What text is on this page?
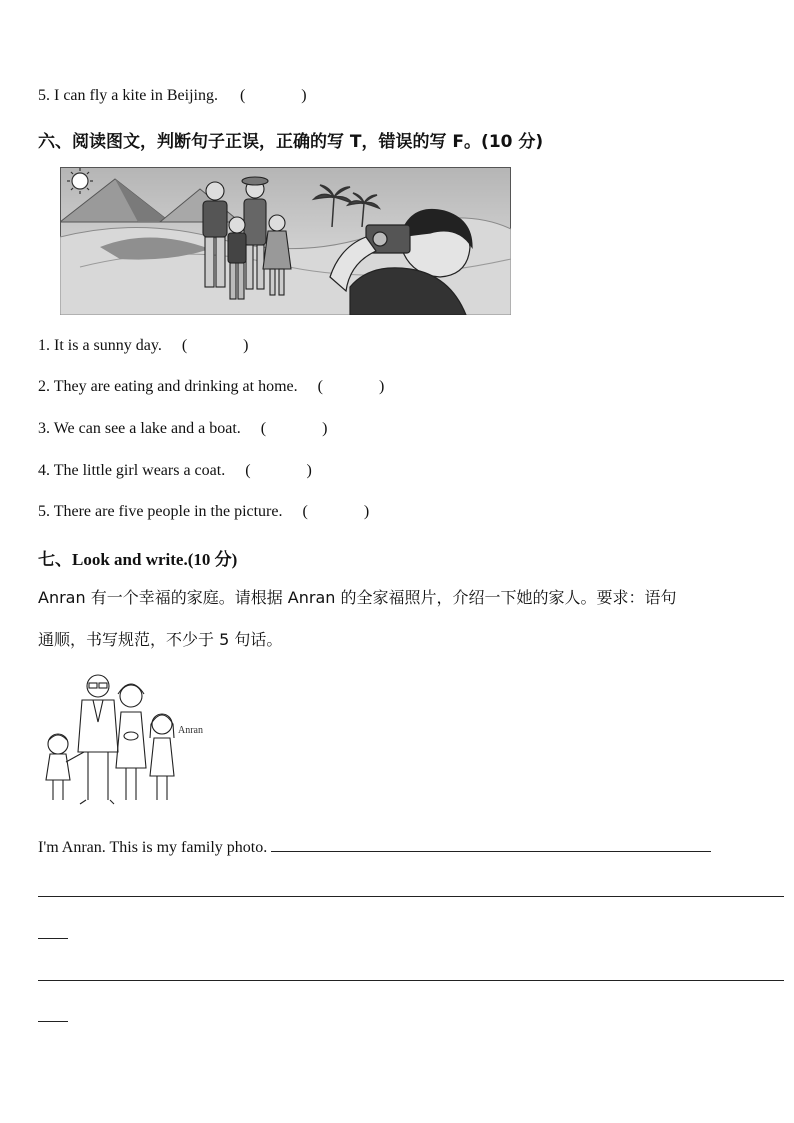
5. I can fly a kite in Beijing. (	)
六、阅读图文，判断句子正误，正确的写 T，错误的写 F。(10 分)
1. It is a sunny day. (	)
2. They are eating and drinking at home. (	)
3. We can see a lake and a boat. (	)
4. The little girl wears a coat. (	)
5. There are five people in the picture. (	)
七、Look and write.(10 分)
Anran 有一个幸福的家庭。请根据 Anran 的全家福照片，介绍一下她的家人。要求：语句
通顺，书写规范，不少于 5 句话。
Anran
I'm Anran. This is my family photo.
